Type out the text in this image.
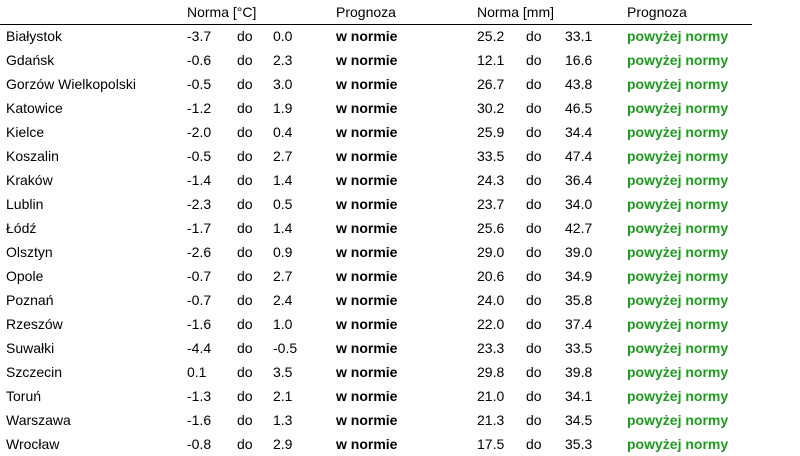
Norma [°C]	Prognoza	Norma [mm]	Prognoza
Białystok	-3.7 do 0.0	w normie	25.2 do 33.1 powyżej normy
Gdańsk	-0.6 do 2.3	w normie	12.1 do 16.6 powyżej normy
Gorzów Wielkopolski	-0.5 do 3.0	w normie	26.7 do 43.8 powyżej normy
Katowice	-1.2 do 1.9	w normie	30.2 do 46.5 powyżej normy
Kielce	-2.0 do 0.4	w normie	25.9 do 34.4 powyżej normy
Koszalin	-0.5 do 2.7	w normie	33.5 do 47.4 powyżej normy
Kraków	-1.4 do 1.4	w normie	24.3 do 36.4 powyżej normy
Lublin	-2.3 do 0.5	w normie	23.7 do 34.0 powyżej normy
Łódź	-1.7 do 1.4	w normie	25.6 do 42.7 powyżej normy
Olsztyn	-2.6 do 0.9	w normie	29.0 do 39.0 powyżej normy
Opole	-0.7 do 2.7	w normie	20.6 do 34.9 powyżej normy
Poznań	-0.7 do 2.4	w normie	24.0 do 35.8 powyżej normy
Rzeszów	-1.6 do 1.0	w normie	22.0 do 37.4 powyżej normy
Suwałki	-4.4 do -0.5	w normie	23.3 do 33.5 powyżej normy
Szczecin	0.1 do 3.5	w normie	29.8 do 39.8 powyżej normy
Toruń	-1.3 do 2.1	w normie	21.0 do 34.1 powyżej normy
Warszawa	-1.6 do 1.3	w normie	21.3 do 34.5 powyżej normy
Wrocław	-0.8 do 2.9	w normie	17.5 do 35.3 powyżej normy
